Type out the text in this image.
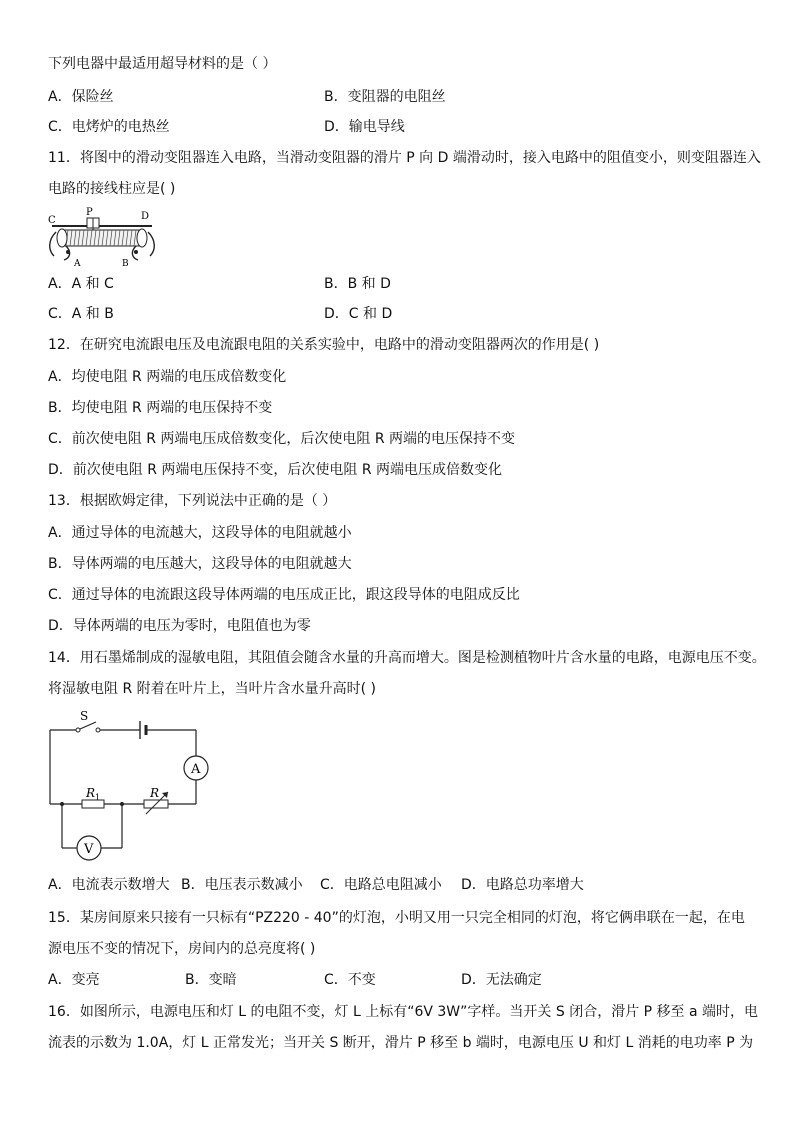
下列电器中最适用超导材料的是（ ）
A．保险丝	B．变阻器的电阻丝
C．电烤炉的电热丝	D．输电导线
11．将图中的滑动变阻器连入电路，当滑动变阻器的滑片 P 向 D 端滑动时，接入电路中的阻值变小，则变阻器连入
电路的接线柱应是( )
C
P	D
A	B
A．A 和 C	B．B 和 D
C．A 和 B	D．C 和 D
12．在研究电流跟电压及电流跟电阻的关系实验中，电路中的滑动变阻器两次的作用是( )
A．均使电阻 R 两端的电压成倍数变化
B．均使电阻 R 两端的电压保持不变
C．前次使电阻 R 两端电压成倍数变化，后次使电阻 R 两端的电压保持不变
D．前次使电阻 R 两端电压保持不变，后次使电阻 R 两端电压成倍数变化
13．根据欧姆定律，下列说法中正确的是（ ）
A．通过导体的电流越大，这段导体的电阻就越小
B．导体两端的电压越大，这段导体的电阻就越大
C．通过导体的电流跟这段导体两端的电压成正比，跟这段导体的电阻成反比
D．导体两端的电压为零时，电阻值也为零
14．用石墨烯制成的湿敏电阻，其阻值会随含水量的升高而增大。图是检测植物叶片含水量的电路，电源电压不变。
将湿敏电阻 R 附着在叶片上，当叶片含水量升高时( )
S
A
$R_1$	R
V
A．电流表示数增大 B．电压表示数减小 C．电路总电阻减小 D．电路总功率增大
15．某房间原来只接有一只标有“PZ220 - 40”的灯泡，小明又用一只完全相同的灯泡，将它俩串联在一起，在电
源电压不变的情况下，房间内的总亮度将( )
A．变亮	B．变暗	C．不变	D．无法确定
16．如图所示，电源电压和灯 L 的电阻不变，灯 L 上标有“6V 3W”字样。当开关 S 闭合，滑片 P 移至 a 端时，电
流表的示数为 1.0A，灯 L 正常发光；当开关 S 断开，滑片 P 移至 b 端时，电源电压 U 和灯 L 消耗的电功率 P 为
